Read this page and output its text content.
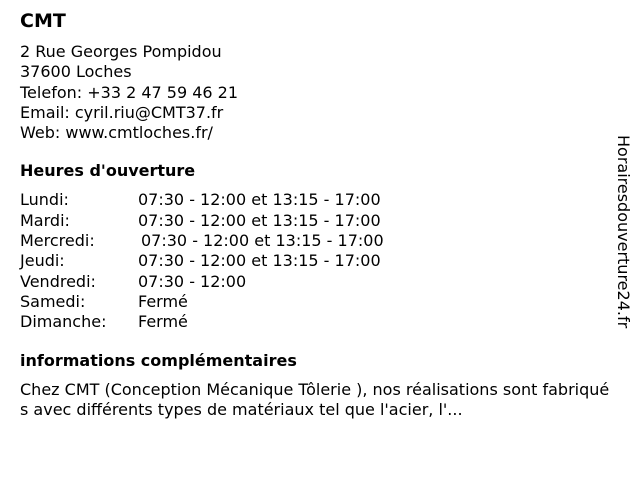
CMT
2 Rue Georges Pompidou
37600 Loches
Telefon: +33 2 47 59 46 21
Email: cyril.riu@CMT37.fr
Web: www.cmtloches.fr/
Heures d'ouverture
Lundi:	07:30 - 12:00 et 13:15 - 17:00
Mardi:	07:30 - 12:00 et 13:15 - 17:00
Mercredi:	07:30 - 12:00 et 13:15 - 17:00
Jeudi:	07:30 - 12:00 et 13:15 - 17:00
Vendredi:	07:30 - 12:00
Samedi:	Fermé
Dimanche:	Fermé
informations complémentaires
Chez CMT (Conception Mécanique Tôlerie ), nos réalisations sont fabriqués avec différents types de matériaux tel que l'acier, l'...
Horairesdouverture24.fr
